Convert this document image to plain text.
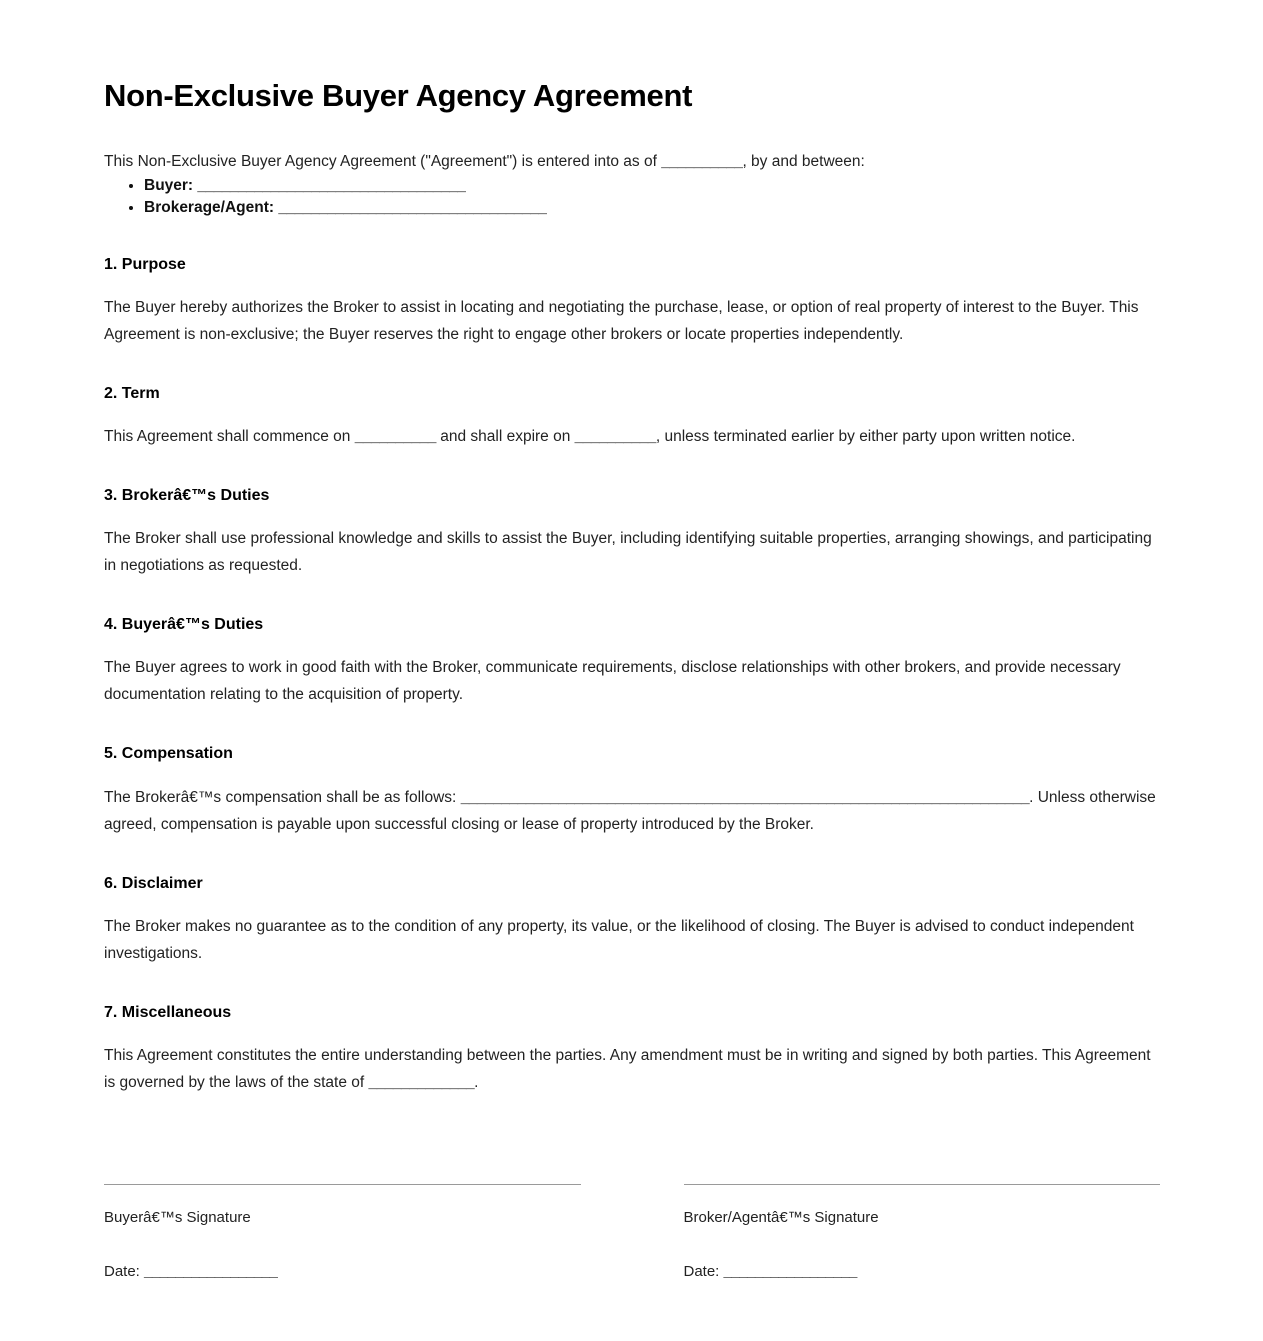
Non-Exclusive Buyer Agency Agreement

This Non-Exclusive Buyer Agency Agreement ("Agreement") is entered into as of __________, by and between:

• Buyer: _________________________________
• Brokerage/Agent: _________________________________
1. Purpose

The Buyer hereby authorizes the Broker to assist in locating and negotiating the purchase, lease, or option of real property of interest to the Buyer. This Agreement is non-exclusive; the Buyer reserves the right to engage other brokers or locate properties independently.

2. Term

This Agreement shall commence on __________ and shall expire on __________, unless terminated earlier by either party upon written notice.

3. Brokerâ€™s Duties

The Broker shall use professional knowledge and skills to assist the Buyer, including identifying suitable properties, arranging showings, and participating in negotiations as requested.

4. Buyerâ€™s Duties

The Buyer agrees to work in good faith with the Broker, communicate requirements, disclose relationships with other brokers, and provide necessary documentation relating to the acquisition of property.

5. Compensation

The Brokerâ€™s compensation shall be as follows: ______________________________________________________________________. Unless otherwise agreed, compensation is payable upon successful closing or lease of property introduced by the Broker.

6. Disclaimer

The Broker makes no guarantee as to the condition of any property, its value, or the likelihood of closing. The Buyer is advised to conduct independent investigations.

7. Miscellaneous

This Agreement constitutes the entire understanding between the parties. Any amendment must be in writing and signed by both parties. This Agreement is governed by the laws of the state of _____________.

Buyerâ€™s Signature

Date: _________________

Broker/Agentâ€™s Signature

Date: _________________
